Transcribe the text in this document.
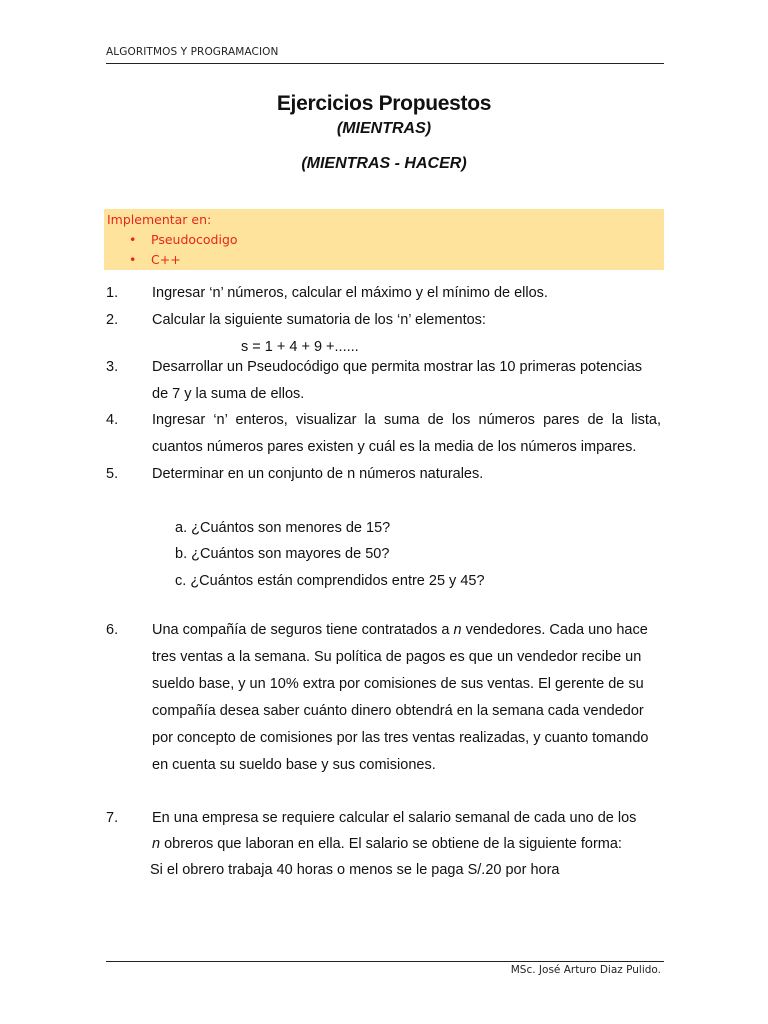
ALGORITMOS Y PROGRAMACION
Ejercicios Propuestos
(MIENTRAS)
(MIENTRAS - HACER)
Implementar en:
• Pseudocodigo
• C++
1. Ingresar ‘n’ números, calcular el máximo y el mínimo de ellos.
2. Calcular la siguiente sumatoria de los ‘n’ elementos:
s = 1 + 4 + 9 +......
3. Desarrollar un Pseudocódigo que permita mostrar las 10 primeras potencias
de 7 y la suma de ellos.
4. Ingresar ‘n’ enteros, visualizar la suma de los números pares de la lista,
cuantos números pares existen y cuál es la media de los números impares.
5. Determinar en un conjunto de n números naturales.
a. ¿Cuántos son menores de 15?
b. ¿Cuántos son mayores de 50?
c. ¿Cuántos están comprendidos entre 25 y 45?
6. Una compañía de seguros tiene contratados a n vendedores. Cada uno hace
tres ventas a la semana. Su política de pagos es que un vendedor recibe un
sueldo base, y un 10% extra por comisiones de sus ventas. El gerente de su
compañía desea saber cuánto dinero obtendrá en la semana cada vendedor
por concepto de comisiones por las tres ventas realizadas, y cuanto tomando
en cuenta su sueldo base y sus comisiones.
7. En una empresa se requiere calcular el salario semanal de cada uno de los
n obreros que laboran en ella. El salario se obtiene de la siguiente forma:
Si el obrero trabaja 40 horas o menos se le paga S/.20 por hora
MSc. José Arturo Diaz Pulido.
